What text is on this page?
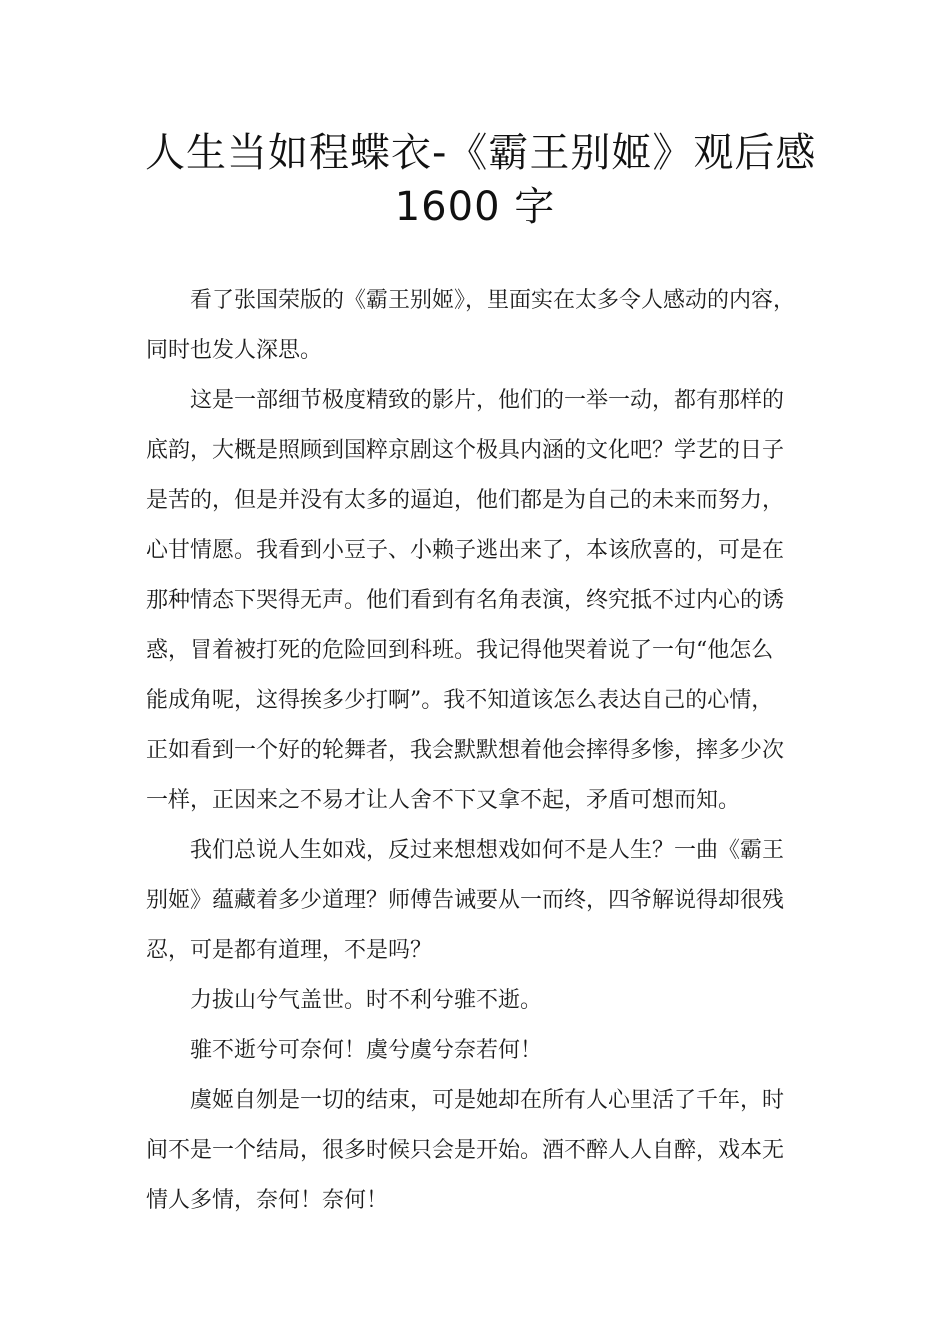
人生当如程蝶衣-《霸王别姬》观后感
1600 字
看了张国荣版的《霸王别姬》，里面实在太多令人感动的内容，
同时也发人深思。
这是一部细节极度精致的影片，他们的一举一动，都有那样的
底韵，大概是照顾到国粹京剧这个极具内涵的文化吧？学艺的日子
是苦的，但是并没有太多的逼迫，他们都是为自己的未来而努力，
心甘情愿。我看到小豆子、小赖子逃出来了，本该欣喜的，可是在
那种情态下哭得无声。他们看到有名角表演，终究抵不过内心的诱
惑，冒着被打死的危险回到科班。我记得他哭着说了一句“他怎么
能成角呢，这得挨多少打啊”。我不知道该怎么表达自己的心情，
正如看到一个好的轮舞者，我会默默想着他会摔得多惨，摔多少次
一样，正因来之不易才让人舍不下又拿不起，矛盾可想而知。
我们总说人生如戏，反过来想想戏如何不是人生？一曲《霸王
别姬》蕴藏着多少道理？师傅告诫要从一而终，四爷解说得却很残
忍，可是都有道理，不是吗？
力拔山兮气盖世。时不利兮骓不逝。
骓不逝兮可奈何！虞兮虞兮奈若何！
虞姬自刎是一切的结束，可是她却在所有人心里活了千年，时
间不是一个结局，很多时候只会是开始。酒不醉人人自醉，戏本无
情人多情，奈何！奈何！
